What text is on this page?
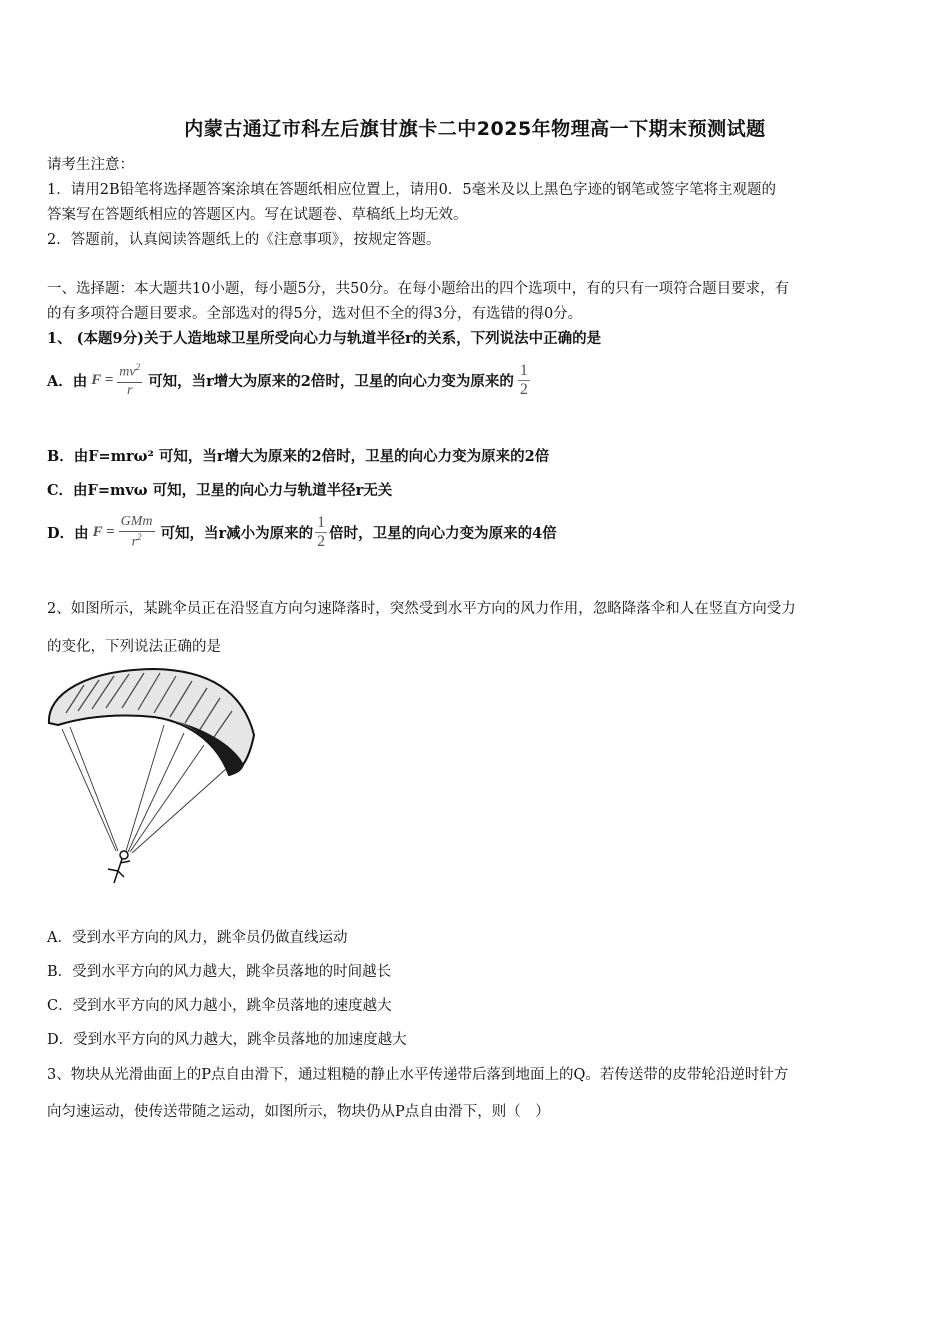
内蒙古通辽市科左后旗甘旗卡二中2025年物理高一下期末预测试题
请考生注意：
1．请用2B铅笔将选择题答案涂填在答题纸相应位置上，请用0．5毫米及以上黑色字迹的钢笔或签字笔将主观题的
答案写在答题纸相应的答题区内。写在试题卷、草稿纸上均无效。
2．答题前，认真阅读答题纸上的《注意事项》，按规定答题。
一、选择题：本大题共10小题，每小题5分，共50分。在每小题给出的四个选项中，有的只有一项符合题目要求，有
的有多项符合题目要求。全部选对的得5分，选对但不全的得3分，有选错的得0分。
1、 (本题9分)关于人造地球卫星所受向心力与轨道半径r的关系，下列说法中正确的是
A．由 $F = \frac{mv^2}{r}$ 可知，当r增大为原来的2倍时，卫星的向心力变为原来的 $\frac{1}{2}$
B．由F=mrω² 可知，当r增大为原来的2倍时，卫星的向心力变为原来的2倍
C．由F=mvω 可知，卫星的向心力与轨道半径r无关
D．由 $F = \frac{\text{GMm}}{r^2}$ 可知，当r减小为原来的 $\frac{1}{2}$ 倍时，卫星的向心力变为原来的4倍
2、如图所示，某跳伞员正在沿竖直方向匀速降落时，突然受到水平方向的风力作用，忽略降落伞和人在竖直方向受力
的变化，下列说法正确的是
A．受到水平方向的风力，跳伞员仍做直线运动
B．受到水平方向的风力越大，跳伞员落地的时间越长
C．受到水平方向的风力越小，跳伞员落地的速度越大
D．受到水平方向的风力越大，跳伞员落地的加速度越大
3、物块从光滑曲面上的P点自由滑下，通过粗糙的静止水平传递带后落到地面上的Q。若传送带的皮带轮沿逆时针方
向匀速运动，使传送带随之运动，如图所示，物块仍从P点自由滑下，则（　）
